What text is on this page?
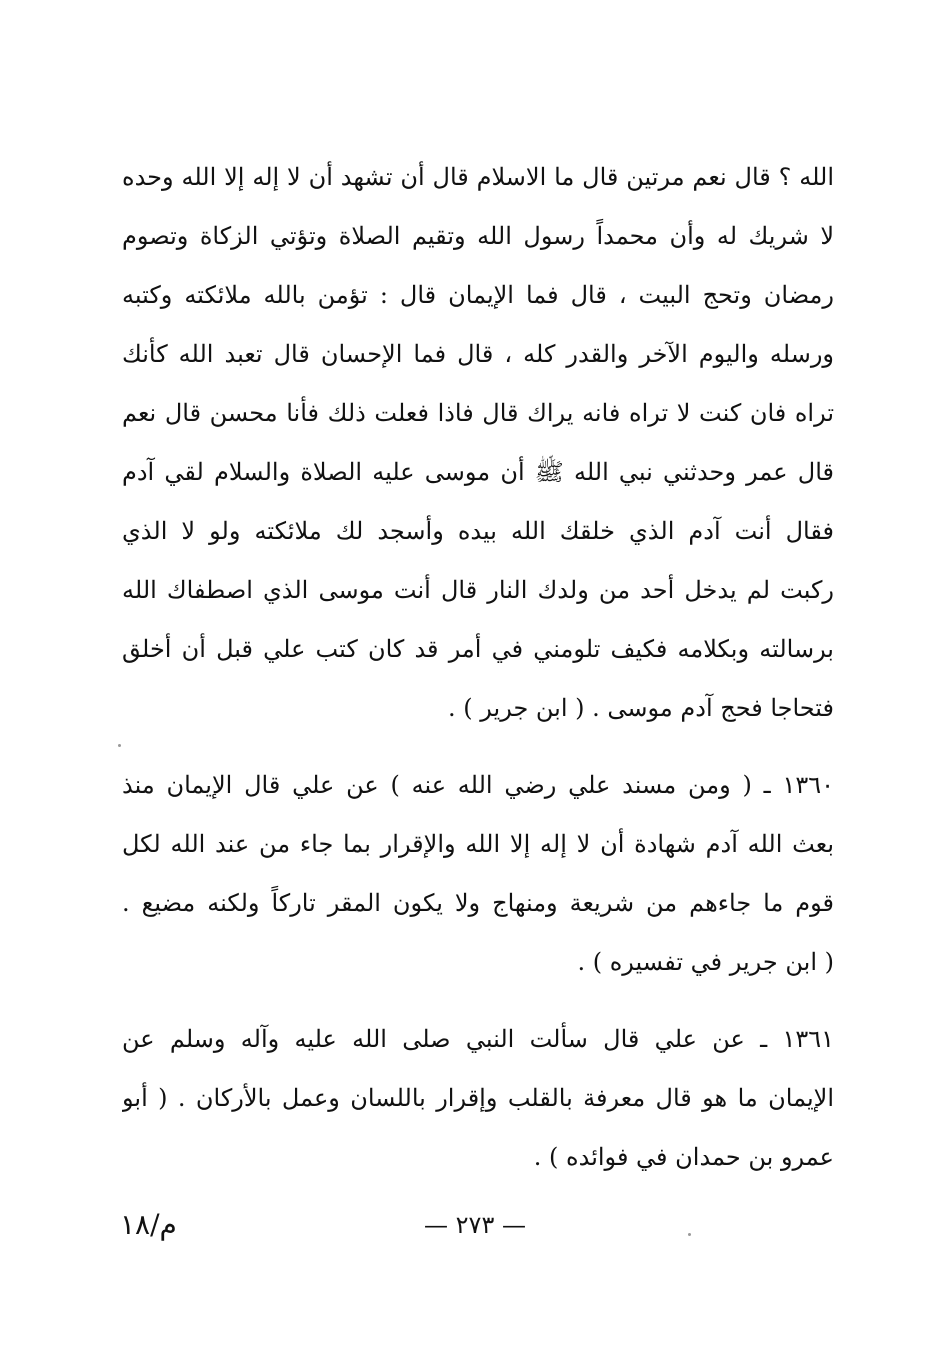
الله ؟ قال نعم مرتين قال ما الاسلام قال أن تشهد أن لا إله إلا الله وحده
لا شريك له وأن محمداً رسول الله وتقيم الصلاة وتؤتي الزكاة وتصوم
رمضان وتحج البيت ، قال فما الإيمان قال : تؤمن بالله ملائكته وكتبه
ورسله واليوم الآخر والقدر كله ، قال فما الإحسان قال تعبد الله كأنك
تراه فان كنت لا تراه فانه يراك قال فاذا فعلت ذلك فأنا محسن قال نعم
قال عمر وحدثني نبي الله ﷺ أن موسى عليه الصلاة والسلام لقي آدم
فقال أنت آدم الذي خلقك الله بيده وأسجد لك ملائكته ولو لا الذي
ركبت لم يدخل أحد من ولدك النار قال أنت موسى الذي اصطفاك الله
برسالته وبكلامه فكيف تلومني في أمر قد كان كتب علي قبل أن أخلق
فتحاجا فحج آدم موسى . ( ابن جرير ) .
١٣٦٠ ـ ( ومن مسند علي رضي الله عنه ) عن علي قال الإيمان منذ
بعث الله آدم شهادة أن لا إله إلا الله والإقرار بما جاء من عند الله لكل
قوم ما جاءهم من شريعة ومنهاج ولا يكون المقر تاركاً ولكنه مضيع .
( ابن جرير في تفسيره ) .
١٣٦١ ـ عن علي قال سألت النبي صلى الله عليه وآله وسلم عن
الإيمان ما هو قال معرفة بالقلب وإقرار باللسان وعمل بالأركان . ( أبو
عمرو بن حمدان في فوائده ) .
— ٢٧٣ —
م/١٨
